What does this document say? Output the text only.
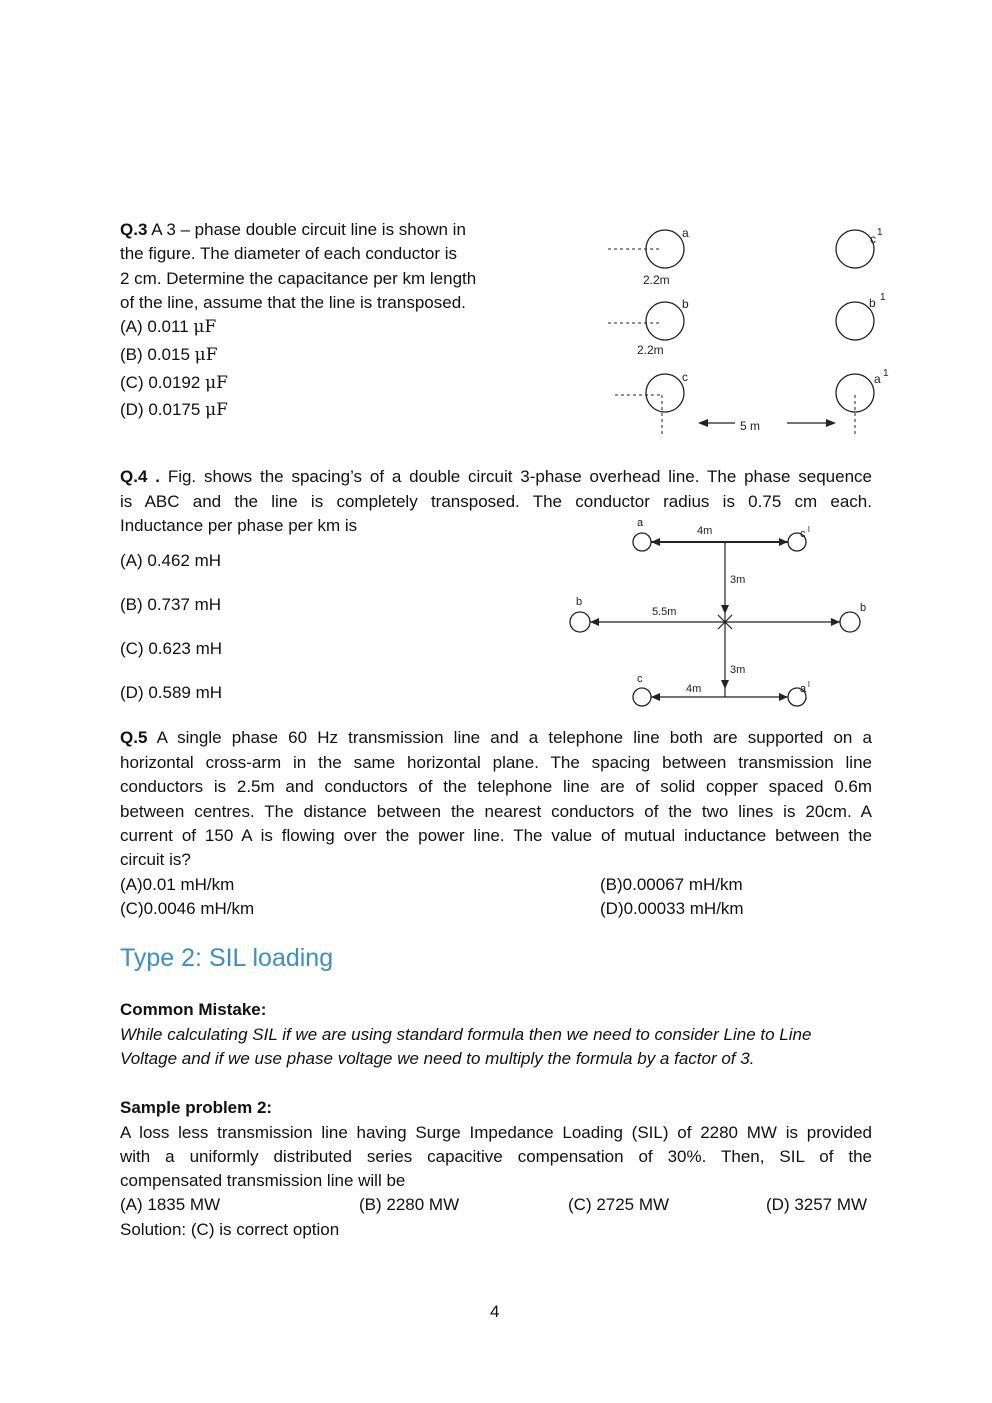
Q.3 A 3 – phase double circuit line is shown in
the figure. The diameter of each conductor is
2 cm. Determine the capacitance per km length
of the line, assume that the line is transposed.
(A) 0.011 μF
(B) 0.015 μF
(C) 0.0192 μF
(D) 0.0175 μF
a
b
c
c 1
b 1
a 1
2.2m
2.2m
5 m
Q.4 . Fig. shows the spacing’s of a double circuit 3-phase overhead line. The phase sequence
is ABC and the line is completely transposed. The conductor radius is 0.75 cm each.
Inductance per phase per km is
(A) 0.462 mH
(B) 0.737 mH
(C) 0.623 mH
(D) 0.589 mH
a
c l
b	b
c
a l
4m
5.5m
4m
3m
3m
Q.5 A single phase 60 Hz transmission line and a telephone line both are supported on a
horizontal cross-arm in the same horizontal plane. The spacing between transmission line
conductors is 2.5m and conductors of the telephone line are of solid copper spaced 0.6m
between centres. The distance between the nearest conductors of the two lines is 20cm. A
current of 150 A is flowing over the power line. The value of mutual inductance between the
circuit is?
(A)0.01 mH/km	(B)0.00067 mH/km
(C)0.0046 mH/km	(D)0.00033 mH/km
Type 2: SIL loading
Common Mistake:
While calculating SIL if we are using standard formula then we need to consider Line to Line
Voltage and if we use phase voltage we need to multiply the formula by a factor of 3.
Sample problem 2:
A loss less transmission line having Surge Impedance Loading (SIL) of 2280 MW is provided
with a uniformly distributed series capacitive compensation of 30%. Then, SIL of the
compensated transmission line will be
(A) 1835 MW	(B) 2280 MW	(C) 2725 MW	(D) 3257 MW
Solution: (C) is correct option
4
